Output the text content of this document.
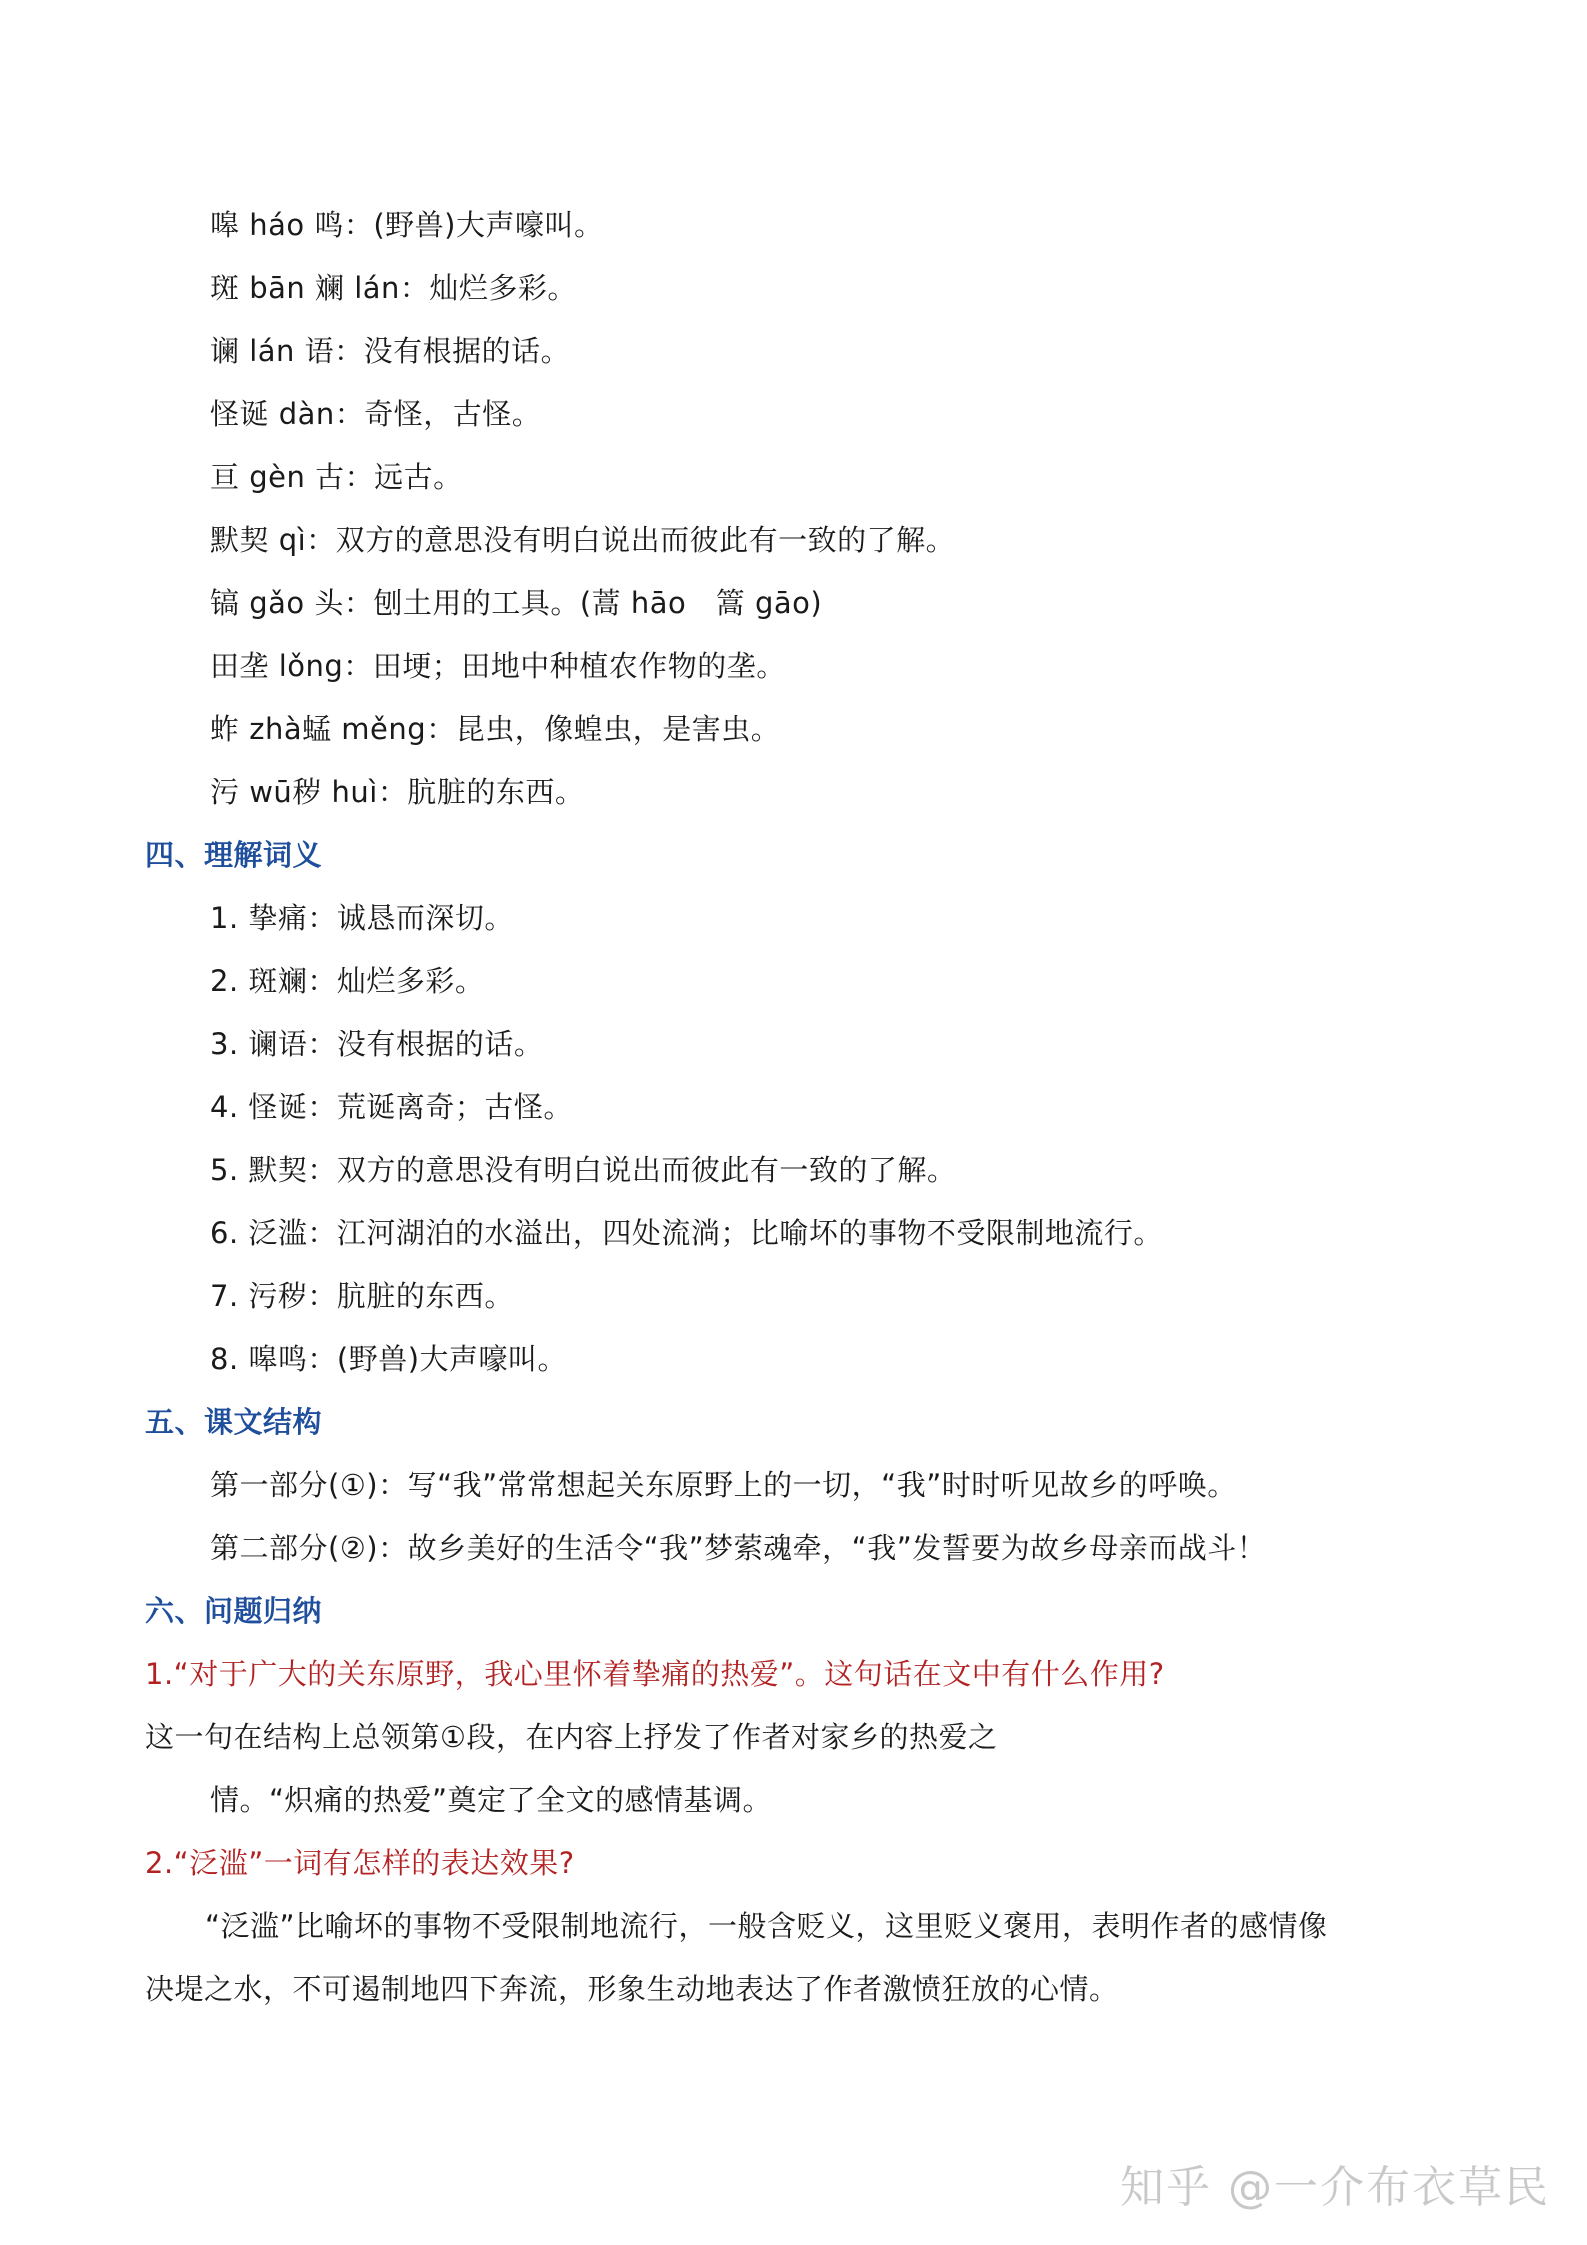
嗥 háo 鸣：(野兽)大声嚎叫。
斑 bān 斓 lán：灿烂多彩。
谰 lán 语：没有根据的话。
怪诞 dàn：奇怪，古怪。
亘 gèn 古：远古。
默契 qì：双方的意思没有明白说出而彼此有一致的了解。
镐 gǎo 头：刨土用的工具。(蒿 hāo　篙 gāo)
田垄 lǒng：田埂；田地中种植农作物的垄。
蚱 zhà蜢 měng：昆虫，像蝗虫，是害虫。
污 wū秽 huì：肮脏的东西。
四、理解词义
1. 挚痛：诚恳而深切。
2. 斑斓：灿烂多彩。
3. 谰语：没有根据的话。
4. 怪诞：荒诞离奇；古怪。
5. 默契：双方的意思没有明白说出而彼此有一致的了解。
6. 泛滥：江河湖泊的水溢出，四处流淌；比喻坏的事物不受限制地流行。
7. 污秽：肮脏的东西。
8. 嗥鸣：(野兽)大声嚎叫。
五、课文结构
第一部分(①)：写“我”常常想起关东原野上的一切，“我”时时听见故乡的呼唤。
第二部分(②)：故乡美好的生活令“我”梦萦魂牵，“我”发誓要为故乡母亲而战斗！
六、问题归纳
1.“对于广大的关东原野，我心里怀着挚痛的热爱”。这句话在文中有什么作用?
这一句在结构上总领第①段，在内容上抒发了作者对家乡的热爱之
情。“炽痛的热爱”奠定了全文的感情基调。
2.“泛滥”一词有怎样的表达效果?
“泛滥”比喻坏的事物不受限制地流行，一般含贬义，这里贬义褒用，表明作者的感情像
决堤之水，不可遏制地四下奔流，形象生动地表达了作者激愤狂放的心情。
知乎 @一介布衣草民
